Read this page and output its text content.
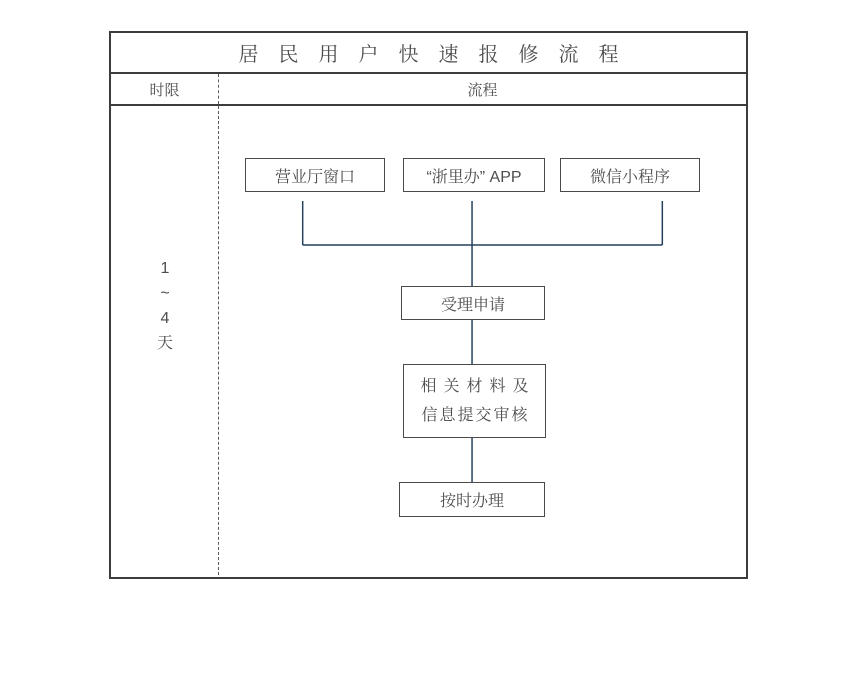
居民用户快速报修流程
时限	流程
1
~
4
天
营业厅窗口	“浙里办” APP	微信小程序
受理申请
相关材料及
信息提交审核
按时办理
